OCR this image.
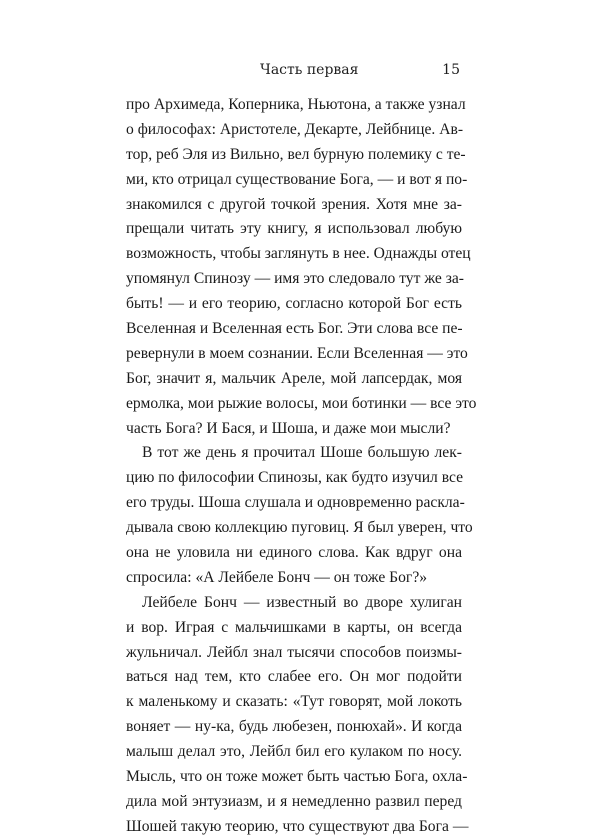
Часть первая	15
про Архимеда, Коперника, Ньютона, а также узнал
о философах: Аристотеле, Декарте, Лейбнице. Ав-
тор, реб Эля из Вильно, вел бурную полемику с те-
ми, кто отрицал существование Бога, — и вот я по-
знакомился с другой точкой зрения. Хотя мне за-
прещали читать эту книгу, я использовал любую
возможность, чтобы заглянуть в нее. Однажды отец
упомянул Спинозу — имя это следовало тут же за-
быть! — и его теорию, согласно которой Бог есть
Вселенная и Вселенная есть Бог. Эти слова все пе-
ревернули в моем сознании. Если Вселенная — это
Бог, значит я, мальчик Ареле, мой лапсердак, моя
ермолка, мои рыжие волосы, мои ботинки — все это
часть Бога? И Бася, и Шоша, и даже мои мысли?
В тот же день я прочитал Шоше большую лек-
цию по философии Спинозы, как будто изучил все
его труды. Шоша слушала и одновременно раскла-
дывала свою коллекцию пуговиц. Я был уверен, что
она не уловила ни единого слова. Как вдруг она
спросила: «А Лейбеле Бонч — он тоже Бог?»
Лейбеле Бонч — известный во дворе хулиган
и вор. Играя с мальчишками в карты, он всегда
жульничал. Лейбл знал тысячи способов поизмы-
ваться над тем, кто слабее его. Он мог подойти
к маленькому и сказать: «Тут говорят, мой локоть
воняет — ну-ка, будь любезен, понюхай». И когда
малыш делал это, Лейбл бил его кулаком по носу.
Мысль, что он тоже может быть частью Бога, охла-
дила мой энтузиазм, и я немедленно развил перед
Шошей такую теорию, что существуют два Бога —
